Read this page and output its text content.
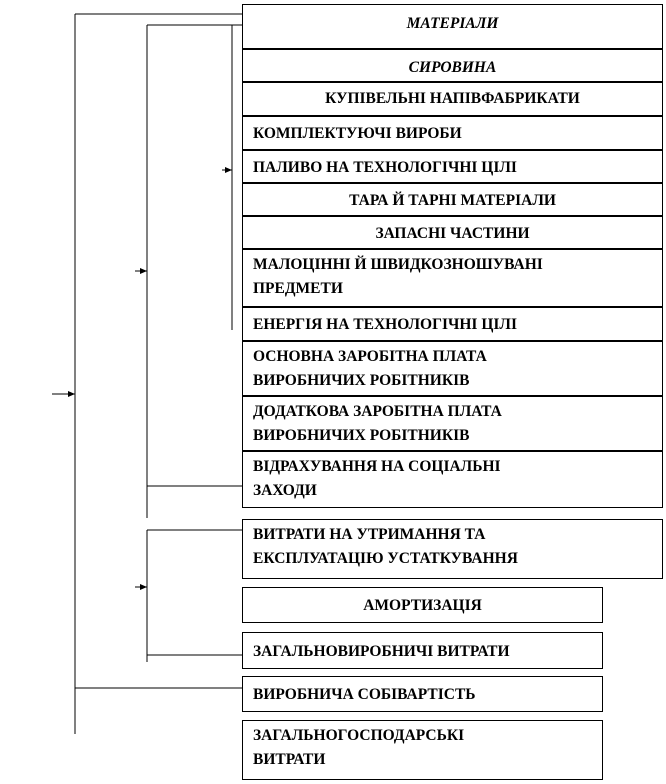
МАТЕРІАЛИ
СИРОВИНА
КУПІВЕЛЬНІ НАПІВФАБРИКАТИ
КОМПЛЕКТУЮЧІ ВИРОБИ
ПАЛИВО НА ТЕХНОЛОГІЧНІ ЦІЛІ
ТАРА Й ТАРНІ МАТЕРІАЛИ
ЗАПАСНІ ЧАСТИНИ
МАЛОЦІННІ Й ШВИДКОЗНОШУВАНІ
ПРЕДМЕТИ
ЕНЕРГІЯ НА ТЕХНОЛОГІЧНІ ЦІЛІ
ОСНОВНА ЗАРОБІТНА ПЛАТА
ВИРОБНИЧИХ РОБІТНИКІВ
ДОДАТКОВА ЗАРОБІТНА ПЛАТА
ВИРОБНИЧИХ РОБІТНИКІВ
ВІДРАХУВАННЯ НА СОЦІАЛЬНІ
ЗАХОДИ
ВИТРАТИ НА УТРИМАННЯ ТА
ЕКСПЛУАТАЦІЮ УСТАТКУВАННЯ
АМОРТИЗАЦІЯ
ЗАГАЛЬНОВИРОБНИЧІ ВИТРАТИ
ВИРОБНИЧА СОБІВАРТІСТЬ
ЗАГАЛЬНОГОСПОДАРСЬКІ
ВИТРАТИ
